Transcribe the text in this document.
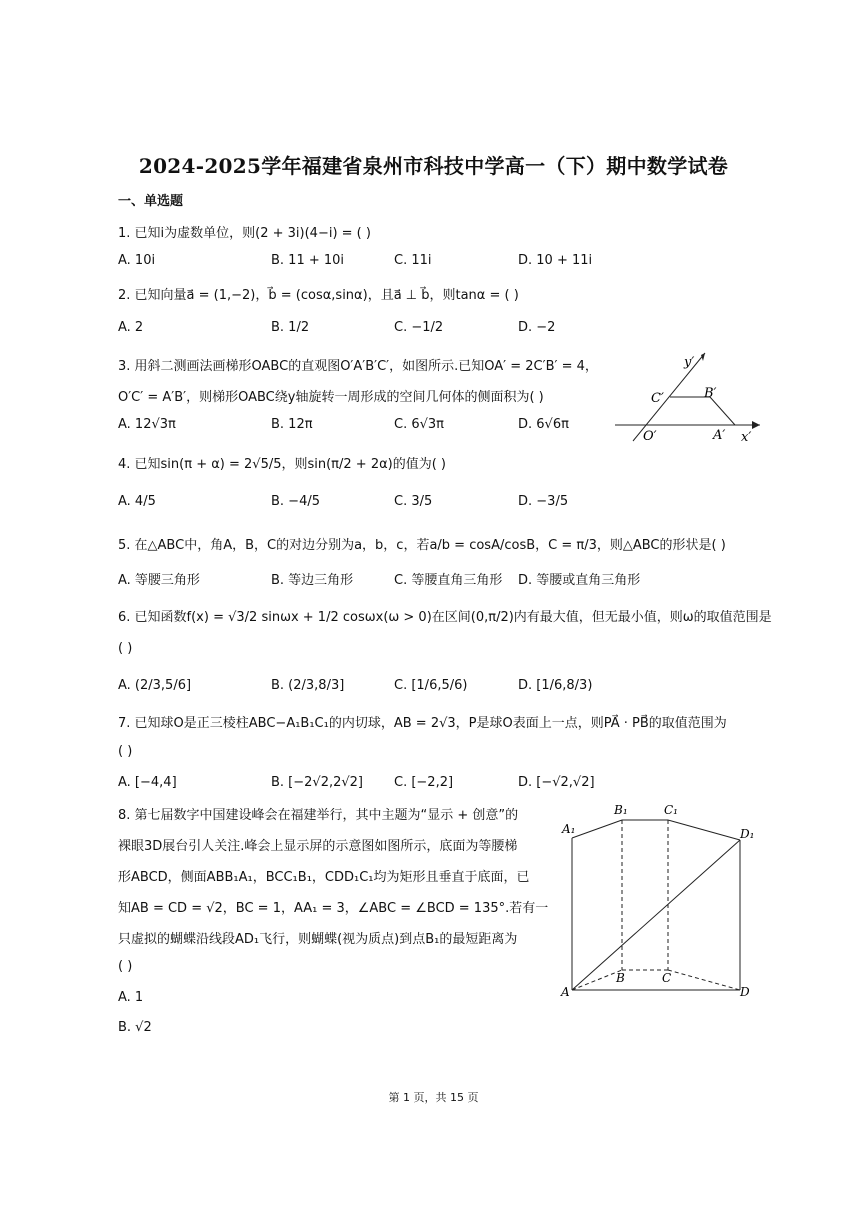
2024-2025学年福建省泉州市科技中学高一（下）期中数学试卷
一、单选题
1. 已知i为虚数单位，则(2 + 3i)(4−i) = ( )
A. 10i	B. 11 + 10i	C. 11i	D. 10 + 11i
2. 已知向量a⃗ = (1,−2)，b⃗ = (cosα,sinα)，且a⃗ ⊥ b⃗，则tanα = ( )
A. 2	B. 1/2	C. −1/2	D. −2
3. 用斜二测画法画梯形OABC的直观图O′A′B′C′，如图所示.已知OA′ = 2C′B′ = 4，
O′C′ = A′B′，则梯形OABC绕y轴旋转一周形成的空间几何体的侧面积为( )
A. 12√3π	B. 12π	C. 6√3π	D. 6√6π
y′
C′	B′
O′	A′ x′
4. 已知sin(π + α) = 2√5/5，则sin(π/2 + 2α)的值为( )
A. 4/5	B. −4/5	C. 3/5	D. −3/5
5. 在△ABC中，角A，B，C的对边分别为a，b，c，若a/b = cosA/cosB，C = π/3，则△ABC的形状是( )
A. 等腰三角形	B. 等边三角形	C. 等腰直角三角形 D. 等腰或直角三角形
6. 已知函数f(x) = √3/2 sinωx + 1/2 cosωx(ω > 0)在区间(0,π/2)内有最大值，但无最小值，则ω的取值范围是
( )
A. (2/3,5/6]	B. (2/3,8/3]	C. [1/6,5/6)	D. [1/6,8/3)
7. 已知球O是正三棱柱ABC−A₁B₁C₁的内切球，AB = 2√3，P是球O表面上一点，则PA⃗ · PB⃗的取值范围为
( )
A. [−4,4]	B. [−2√2,2√2] C. [−2,2]	D. [−√2,√2]
8. 第七届数字中国建设峰会在福建举行，其中主题为“显示 + 创意”的
裸眼3D展台引人关注.峰会上显示屏的示意图如图所示，底面为等腰梯
形ABCD，侧面ABB₁A₁，BCC₁B₁，CDD₁C₁均为矩形且垂直于底面，已
知AB = CD = √2，BC = 1，AA₁ = 3，∠ABC = ∠BCD = 135°.若有一
只虚拟的蝴蝶沿线段AD₁飞行，则蝴蝶(视为质点)到点B₁的最短距离为
( )
A. 1
B. √2
A₁
B₁	C₁
D₁
A
B	C
D
第 1 页，共 15 页
